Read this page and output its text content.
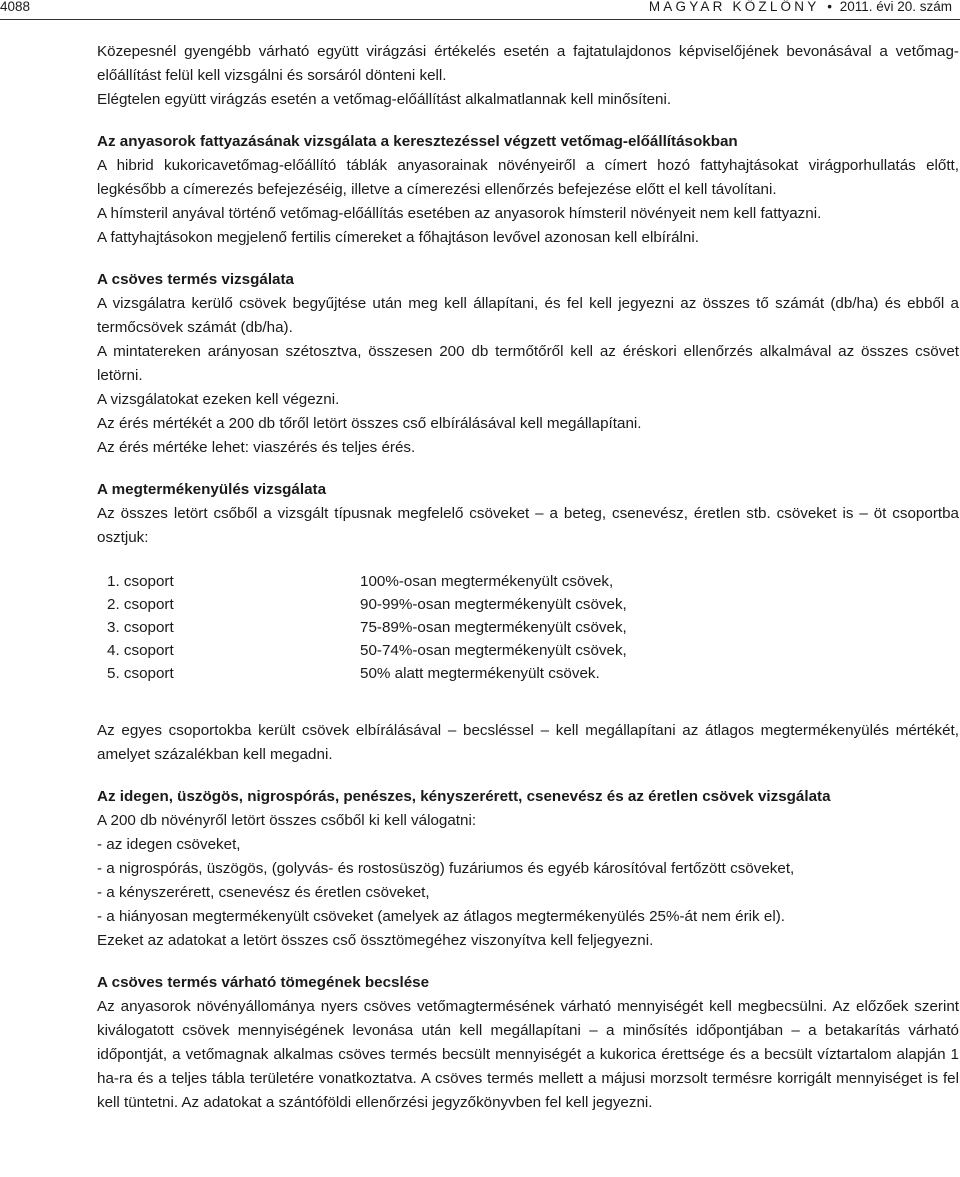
4088	MAGYAR KÖZLÖNY • 2011. évi 20. szám

Közepesnél gyengébb várható együtt virágzási értékelés esetén a fajtatulajdonos képviselőjének bevonásával a vetőmag-előállítást felül kell vizsgálni és sorsáról dönteni kell.

Elégtelen együtt virágzás esetén a vetőmag-előállítást alkalmatlannak kell minősíteni.

Az anyasorok fattyazásának vizsgálata a keresztezéssel végzett vetőmag-előállításokban

A hibrid kukoricavetőmag-előállító táblák anyasorainak növényeiről a címert hozó fattyhajtásokat virágporhullatás előtt, legkésőbb a címerezés befejezéséig, illetve a címerezési ellenőrzés befejezése előtt el kell távolítani.

A hímsteril anyával történő vetőmag-előállítás esetében az anyasorok hímsteril növényeit nem kell fattyazni.

A fattyhajtásokon megjelenő fertilis címereket a főhajtáson levővel azonosan kell elbírálni.

A csöves termés vizsgálata

A vizsgálatra kerülő csövek begyűjtése után meg kell állapítani, és fel kell jegyezni az összes tő számát (db/ha) és ebből a termőcsövek számát (db/ha).

A mintatereken arányosan szétosztva, összesen 200 db termőtőről kell az éréskori ellenőrzés alkalmával az összes csövet letörni.

A vizsgálatokat ezeken kell végezni.

Az érés mértékét a 200 db tőről letört összes cső elbírálásával kell megállapítani.

Az érés mértéke lehet: viaszérés és teljes érés.

A megtermékenyülés vizsgálata

Az összes letört csőből a vizsgált típusnak megfelelő csöveket – a beteg, csenevész, éretlen stb. csöveket is – öt csoportba osztjuk:

1. csoport	100%-osan megtermékenyült csövek,
2. csoport	90-99%-osan megtermékenyült csövek,
3. csoport	75-89%-osan megtermékenyült csövek,
4. csoport	50-74%-osan megtermékenyült csövek,
5. csoport	50% alatt megtermékenyült csövek.

Az egyes csoportokba került csövek elbírálásával – becsléssel – kell megállapítani az átlagos megtermékenyülés mértékét, amelyet százalékban kell megadni.

Az idegen, üszögös, nigrospórás, penészes, kényszerérett, csenevész és az éretlen csövek vizsgálata

A 200 db növényről letört összes csőből ki kell válogatni:

- az idegen csöveket,

- a nigrospórás, üszögös, (golyvás- és rostosüszög) fuzáriumos és egyéb károsítóval fertőzött csöveket,

- a kényszerérett, csenevész és éretlen csöveket,

- a hiányosan megtermékenyült csöveket (amelyek az átlagos megtermékenyülés 25%-át nem érik el).

Ezeket az adatokat a letört összes cső össztömegéhez viszonyítva kell feljegyezni.

A csöves termés várható tömegének becslése

Az anyasorok növényállománya nyers csöves vetőmagtermésének várható mennyiségét kell megbecsülni. Az előzőek szerint kiválogatott csövek mennyiségének levonása után kell megállapítani – a minősítés időpontjában – a betakarítás várható időpontját, a vetőmagnak alkalmas csöves termés becsült mennyiségét a kukorica érettsége és a becsült víztartalom alapján 1 ha-ra és a teljes tábla területére vonatkoztatva. A csöves termés mellett a májusi morzsolt termésre korrigált mennyiséget is fel kell tüntetni. Az adatokat a szántóföldi ellenőrzési jegyzőkönyvben fel kell jegyezni.
